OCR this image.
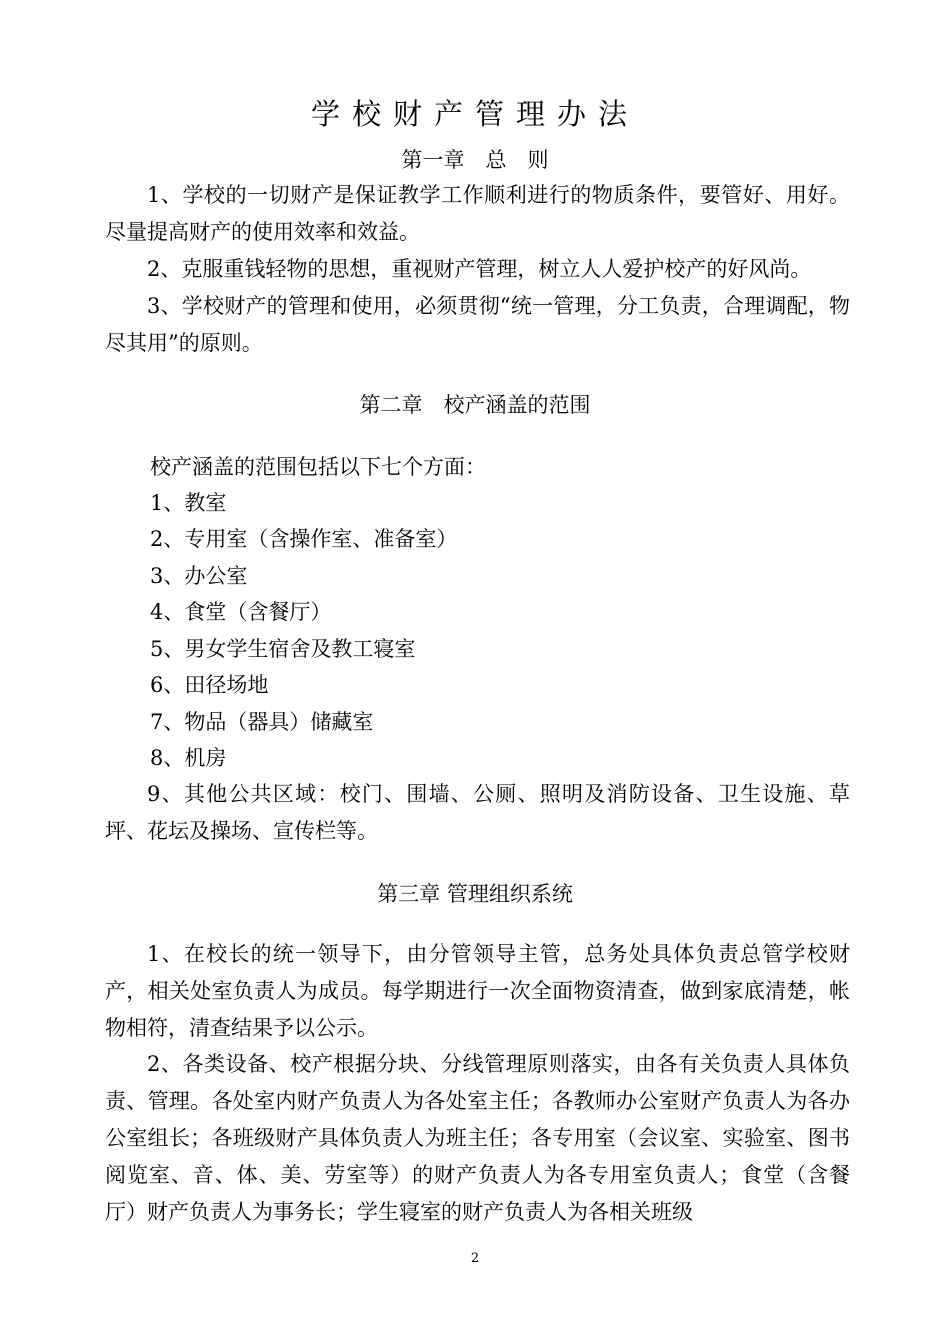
学校财产管理办法
第一章　总　则
1、学校的一切财产是保证教学工作顺利进行的物质条件，要管好、用好。尽量提高财产的使用效率和效益。
2、克服重钱轻物的思想，重视财产管理，树立人人爱护校产的好风尚。
3、学校财产的管理和使用，必须贯彻“统一管理，分工负责，合理调配，物尽其用”的原则。
第二章　校产涵盖的范围
校产涵盖的范围包括以下七个方面：
1、教室
2、专用室（含操作室、准备室）
3、办公室
4、食堂（含餐厅）
5、男女学生宿舍及教工寝室
6、田径场地
7、物品（器具）储藏室
8、机房
9、其他公共区域：校门、围墙、公厕、照明及消防设备、卫生设施、草坪、花坛及操场、宣传栏等。
第三章 管理组织系统
1、在校长的统一领导下，由分管领导主管，总务处具体负责总管学校财产，相关处室负责人为成员。每学期进行一次全面物资清查，做到家底清楚，帐物相符，清查结果予以公示。
2、各类设备、校产根据分块、分线管理原则落实，由各有关负责人具体负责、管理。各处室内财产负责人为各处室主任；各教师办公室财产负责人为各办公室组长；各班级财产具体负责人为班主任；各专用室（会议室、实验室、图书阅览室、音、体、美、劳室等）的财产负责人为各专用室负责人；食堂（含餐厅）财产负责人为事务长；学生寝室的财产负责人为各相关班级
2
